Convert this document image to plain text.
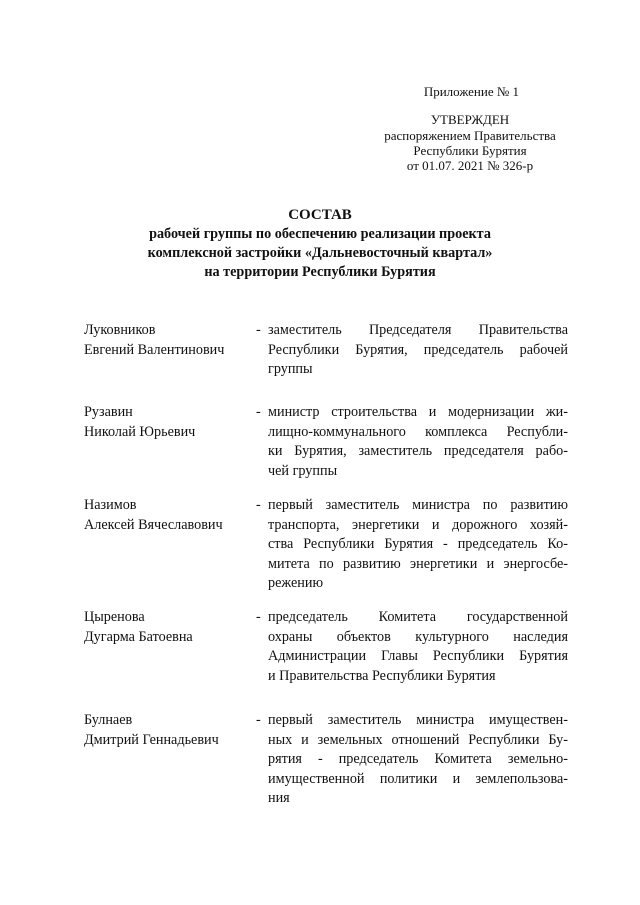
Приложение № 1
УТВЕРЖДЕН
распоряжением Правительства
Республики Бурятия
от 01.07. 2021 № 326-р
СОСТАВ
рабочей группы по обеспечению реализации проекта
комплексной застройки «Дальневосточный квартал»
на территории Республики Бурятия
Луковников
Евгений Валентинович
- заместитель Председателя Правительства
Республики Бурятия, председатель рабочей
группы
Рузавин
Николай Юрьевич
- министр строительства и модернизации жи-
лищно-коммунального комплекса Республи-
ки Бурятия, заместитель председателя рабо-
чей группы
Назимов
Алексей Вячеславович
- первый заместитель министра по развитию
транспорта, энергетики и дорожного хозяй-
ства Республики Бурятия - председатель Ко-
митета по развитию энергетики и энергосбе-
режению
Цыренова
Дугарма Батоевна
- председатель Комитета государственной
охраны объектов культурного наследия
Администрации Главы Республики Бурятия
и Правительства Республики Бурятия
Булнаев
Дмитрий Геннадьевич
- первый заместитель министра имуществен-
ных и земельных отношений Республики Бу-
рятия - председатель Комитета земельно-
имущественной политики и землепользова-
ния
